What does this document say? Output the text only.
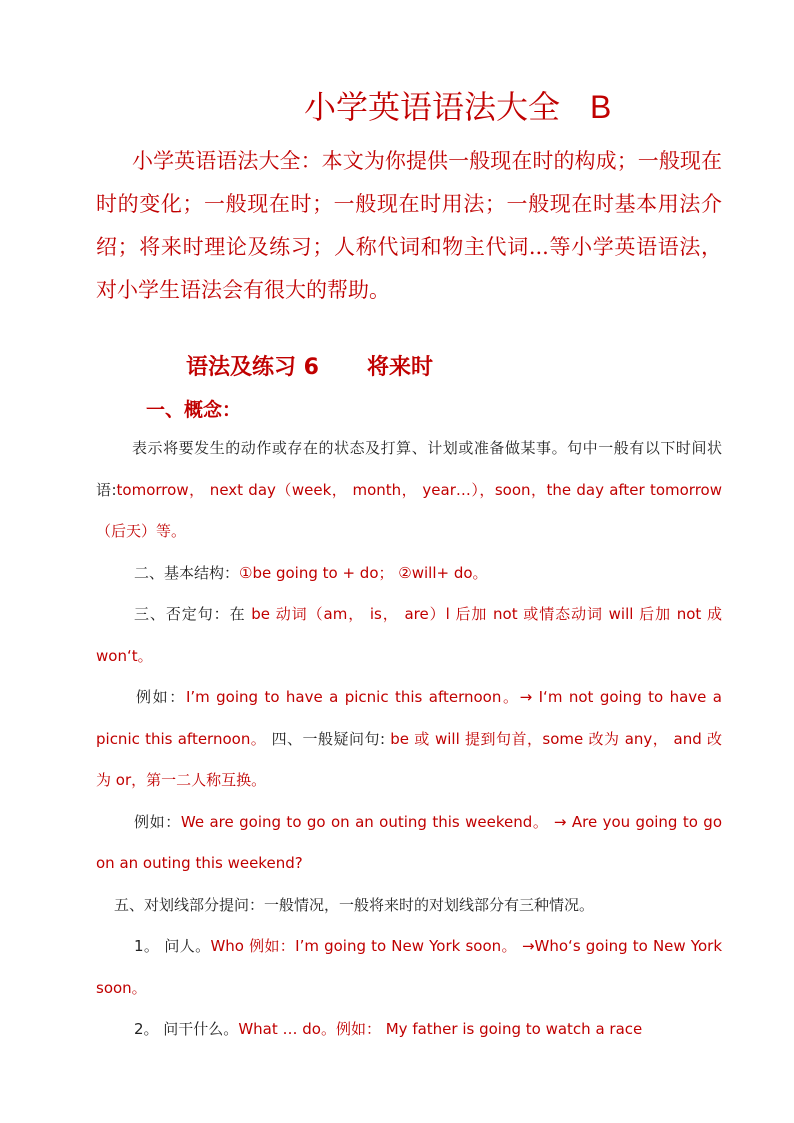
小学英语语法大全 B
小学英语语法大全：本文为你提供一般现在时的构成；一般现在时的变化；一般现在时；一般现在时用法；一般现在时基本用法介绍；将来时理论及练习；人称代词和物主代词...等小学英语语法，对小学生语法会有很大的帮助。
语法及练习 6 将来时
一、概念：

表示将要发生的动作或存在的状态及打算、计划或准备做某事。句中一般有以下时间状语:tomorrow， next day（week， month， year…），soon，the day after tomorrow（后天）等。

二、基本结构：①be going to + do； ②will+ do。

三、否定句：在 be 动词（am， is， are）l 后加 not 或情态动词 will 后加 not 成 won‘t。

例如：I’m going to have a picnic this afternoon。→ I‘m not going to have a picnic this afternoon。 四、一般疑问句: be 或 will 提到句首，some 改为 any， and 改为 or，第一二人称互换。

例如：We are going to go on an outing this weekend。 → Are you going to go on an outing this weekend?

五、对划线部分提问：一般情况，一般将来时的对划线部分有三种情况。

1。 问人。Who 例如：I’m going to New York soon。 →Who‘s going to New York soon。

2。 问干什么。What … do。例如： My father is going to watch a race
